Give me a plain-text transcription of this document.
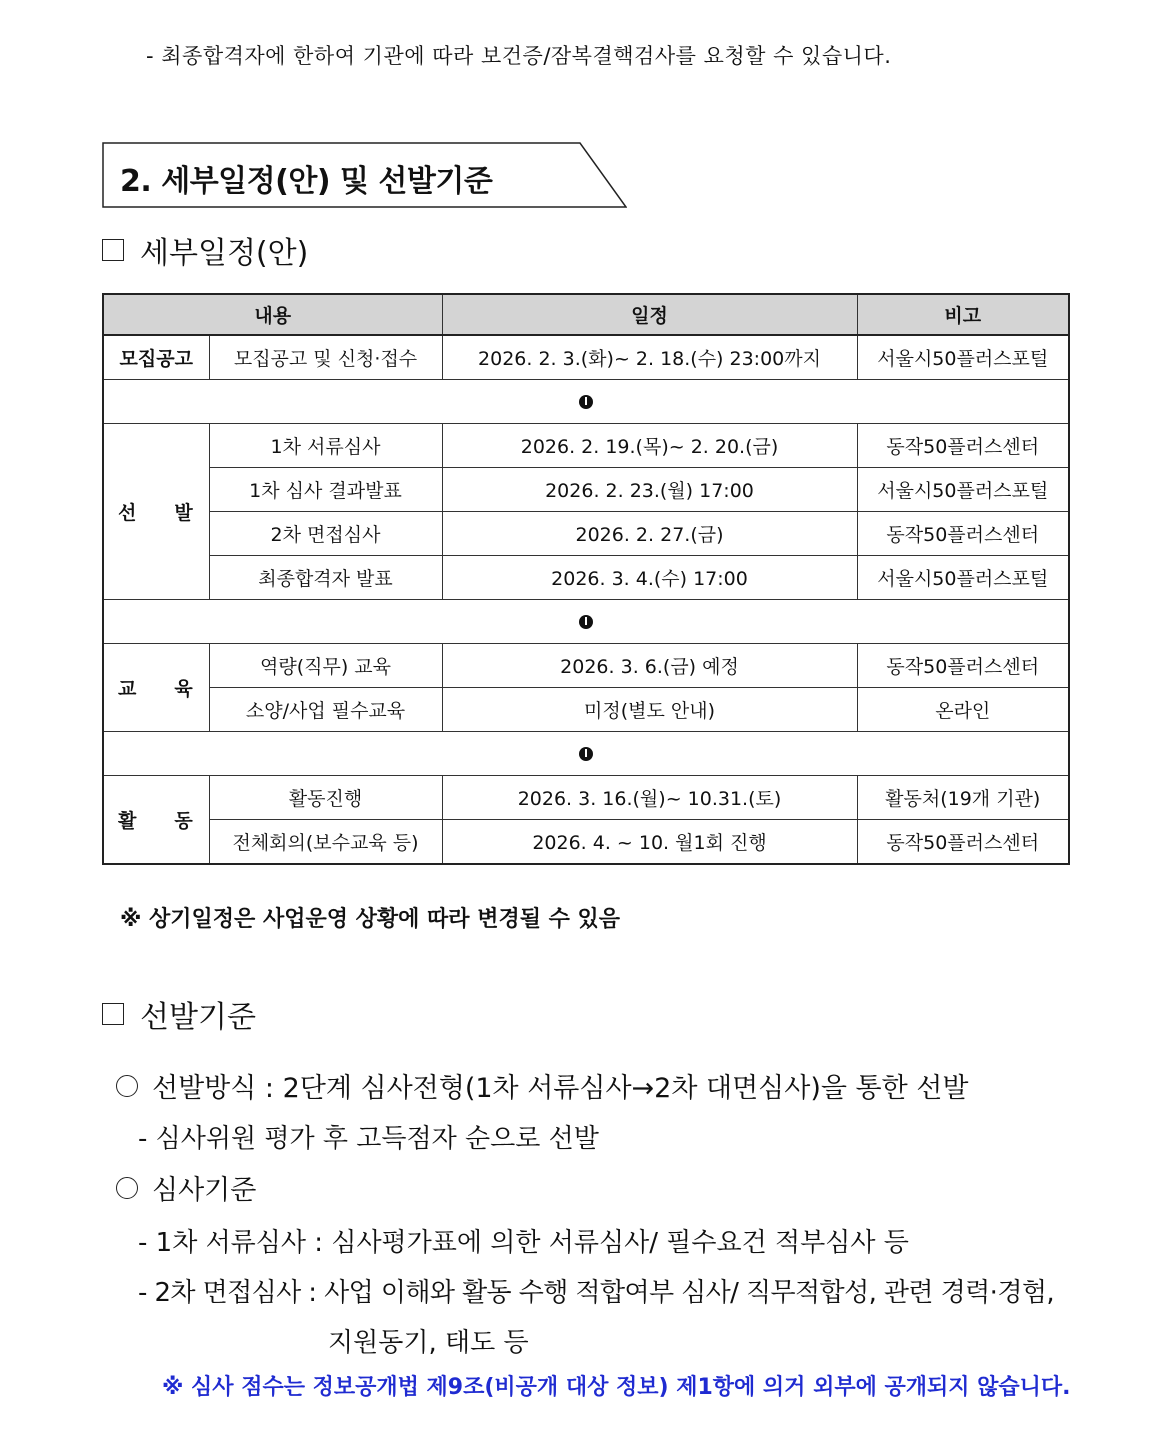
- 최종합격자에 한하여 기관에 따라 보건증/잠복결핵검사를 요청할 수 있습니다.
2. 세부일정(안) 및 선발기준
세부일정(안)
내용		일정	비고
모집공고	모집공고 및 신청·접수	2026. 2. 3.(화)~ 2. 18.(수) 23:00까지	서울시50플러스포털

선 발	1차 서류심사	2026. 2. 19.(목)~ 2. 20.(금)	동작50플러스센터
	1차 심사 결과발표	2026. 2. 23.(월) 17:00	서울시50플러스포털
	2차 면접심사	2026. 2. 27.(금)	동작50플러스센터
	최종합격자 발표	2026. 3. 4.(수) 17:00	서울시50플러스포털

교 육	역량(직무) 교육	2026. 3. 6.(금) 예정	동작50플러스센터
	소양/사업 필수교육	미정(별도 안내)	온라인

활 동	활동진행	2026. 3. 16.(월)~ 10.31.(토)	활동처(19개 기관)
	전체회의(보수교육 등)	2026. 4. ~ 10. 월1회 진행	동작50플러스센터
※ 상기일정은 사업운영 상황에 따라 변경될 수 있음
선발기준
선발방식 : 2단계 심사전형(1차 서류심사→2차 대면심사)을 통한 선발
- 심사위원 평가 후 고득점자 순으로 선발
심사기준
- 1차 서류심사 : 심사평가표에 의한 서류심사/ 필수요건 적부심사 등
- 2차 면접심사 : 사업 이해와 활동 수행 적합여부 심사/ 직무적합성, 관련 경력·경험,
지원동기, 태도 등
※ 심사 점수는 정보공개법 제9조(비공개 대상 정보) 제1항에 의거 외부에 공개되지 않습니다.
